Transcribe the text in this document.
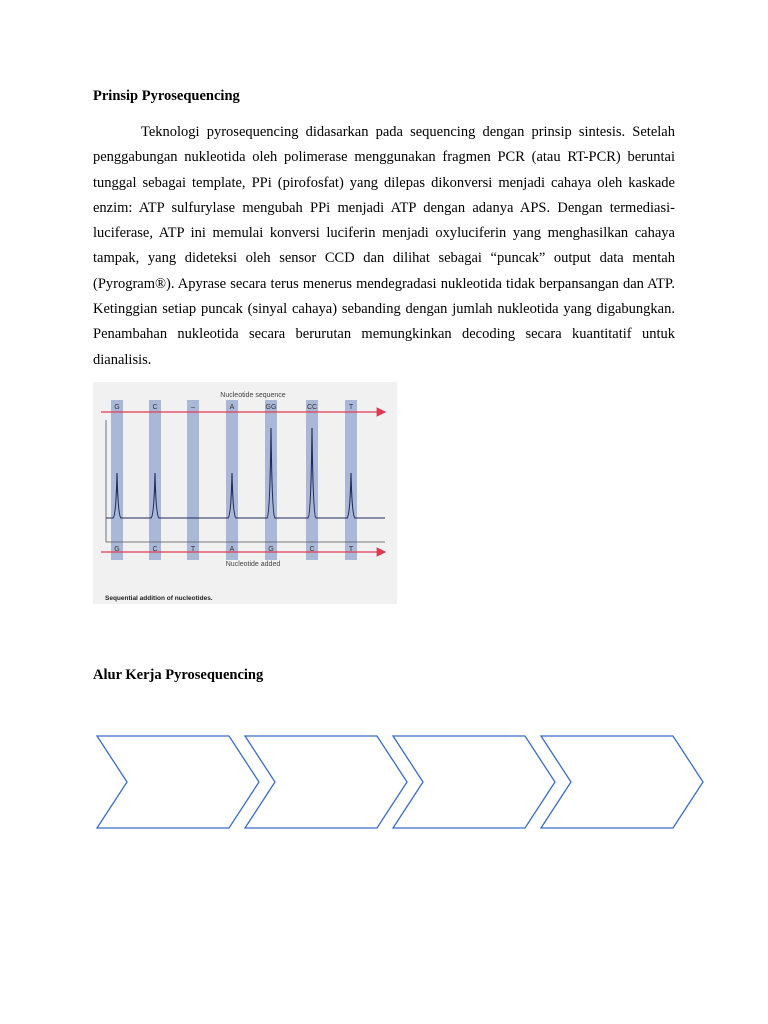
Prinsip Pyrosequencing

Teknologi pyrosequencing didasarkan pada sequencing dengan prinsip sintesis. Setelah penggabungan nukleotida oleh polimerase menggunakan fragmen PCR (atau RT-PCR) beruntai tunggal sebagai template, PPi (pirofosfat) yang dilepas dikonversi menjadi cahaya oleh kaskade enzim: ATP sulfurylase mengubah PPi menjadi ATP dengan adanya APS. Dengan termediasi-luciferase, ATP ini memulai konversi luciferin menjadi oxyluciferin yang menghasilkan cahaya tampak, yang dideteksi oleh sensor CCD dan dilihat sebagai “puncak” output data mentah (Pyrogram®). Apyrase secara terus menerus mendegradasi nukleotida tidak berpansangan dan ATP. Ketinggian setiap puncak (sinyal cahaya) sebanding dengan jumlah nukleotida yang digabungkan. Penambahan nukleotida secara berurutan memungkinkan decoding secara kuantitatif untuk dianalisis.

Nucleotide sequence
G
G
C
C
–
T
A
A
GG
G
CC
C
T
T
Nucleotide added
Sequential addition of nucleotides.
Alur Kerja Pyrosequencing
